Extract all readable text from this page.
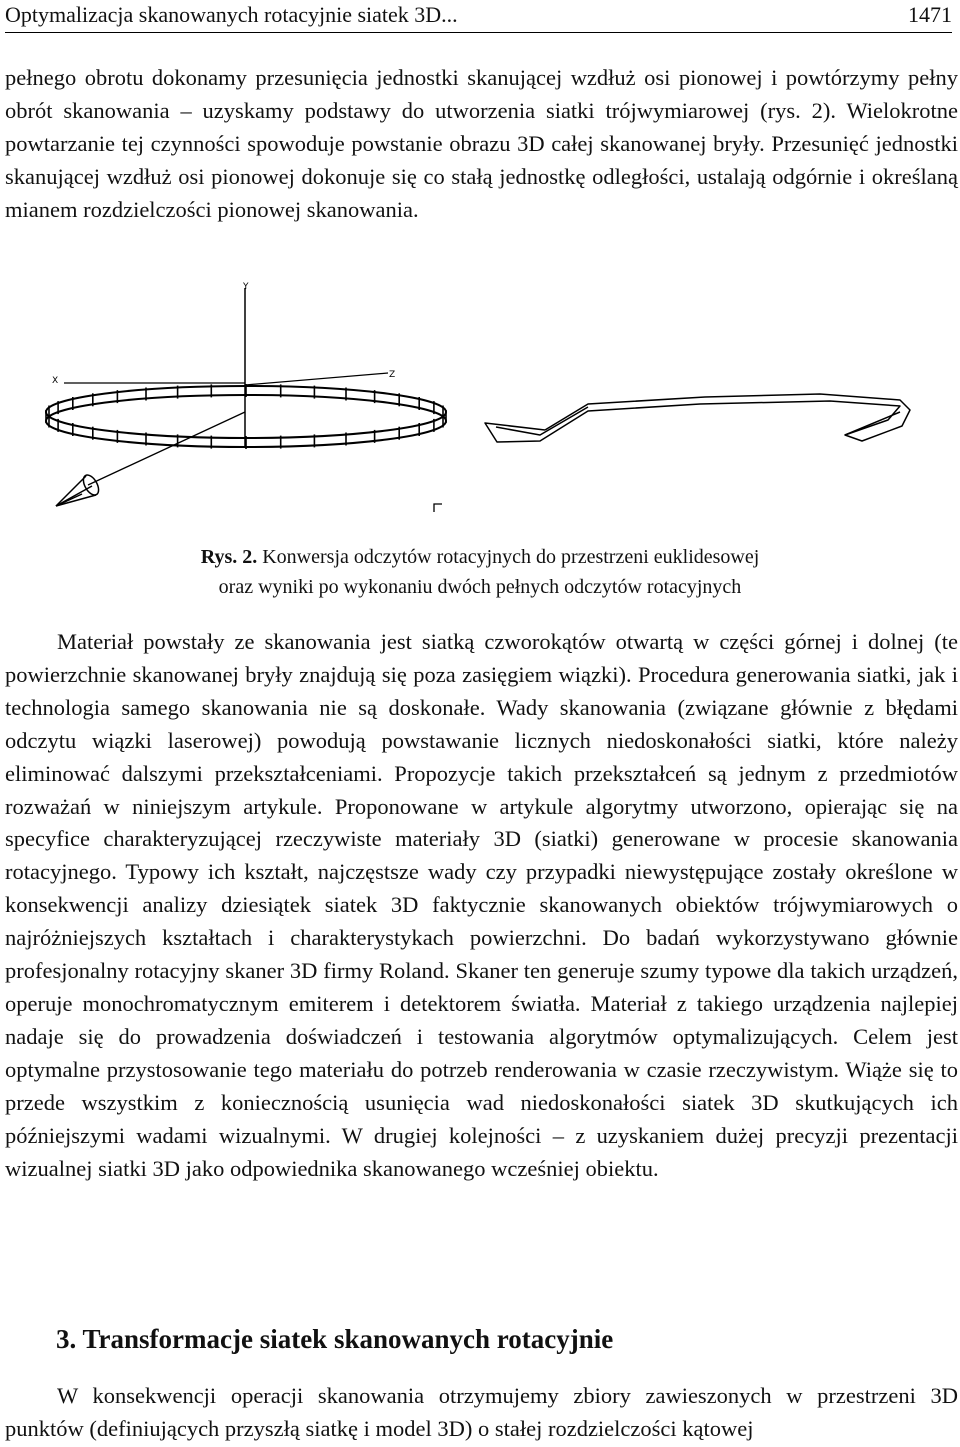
Optymalizacja skanowanych rotacyjnie siatek 3D...	1471

pełnego obrotu dokonamy przesunięcia jednostki skanującej wzdłuż osi pionowej i powtórzymy pełny obrót skanowania – uzyskamy podstawy do utworzenia siatki trójwymiarowej (rys. 2). Wielokrotne powtarzanie tej czynności spowoduje powstanie obrazu 3D całej skanowanej bryły. Przesunięć jednostki skanującej wzdłuż osi pionowej dokonuje się co stałą jednostkę odległości, ustalają odgórnie i określaną mianem rozdzielczości pionowej skanowania.

Y
X
Z
Rys. 2. Konwersja odczytów rotacyjnych do przestrzeni euklidesowej
oraz wyniki po wykonaniu dwóch pełnych odczytów rotacyjnych

Materiał powstały ze skanowania jest siatką czworokątów otwartą w części górnej i dolnej (te powierzchnie skanowanej bryły znajdują się poza zasięgiem wiązki). Procedura generowania siatki, jak i technologia samego skanowania nie są doskonałe. Wady skanowania (związane głównie z błędami odczytu wiązki laserowej) powodują powstawanie licznych niedoskonałości siatki, które należy eliminować dalszymi przekształceniami. Propozycje takich przekształceń są jednym z przedmiotów rozważań w niniejszym artykule. Proponowane w artykule algorytmy utworzono, opierając się na specyfice charakteryzującej rzeczywiste materiały 3D (siatki) generowane w procesie skanowania rotacyjnego. Typowy ich kształt, najczęstsze wady czy przypadki niewystępujące zostały określone w konsekwencji analizy dziesiątek siatek 3D faktycznie skanowanych obiektów trójwymiarowych o najróżniejszych kształtach i charakterystykach powierzchni. Do badań wykorzystywano głównie profesjonalny rotacyjny skaner 3D firmy Roland. Skaner ten generuje szumy typowe dla takich urządzeń, operuje monochromatycznym emiterem i detektorem światła. Materiał z takiego urządzenia najlepiej nadaje się do prowadzenia doświadczeń i testowania algorytmów optymalizujących. Celem jest optymalne przystosowanie tego materiału do potrzeb renderowania w czasie rzeczywistym. Wiąże się to przede wszystkim z koniecznością usunięcia wad niedoskonałości siatek 3D skutkujących ich późniejszymi wadami wizualnymi. W drugiej kolejności – z uzyskaniem dużej precyzji prezentacji wizualnej siatki 3D jako odpowiednika skanowanego wcześniej obiektu.

3. Transformacje siatek skanowanych rotacyjnie

W konsekwencji operacji skanowania otrzymujemy zbiory zawieszonych w przestrzeni 3D punktów (definiujących przyszłą siatkę i model 3D) o stałej rozdzielczości kątowej
